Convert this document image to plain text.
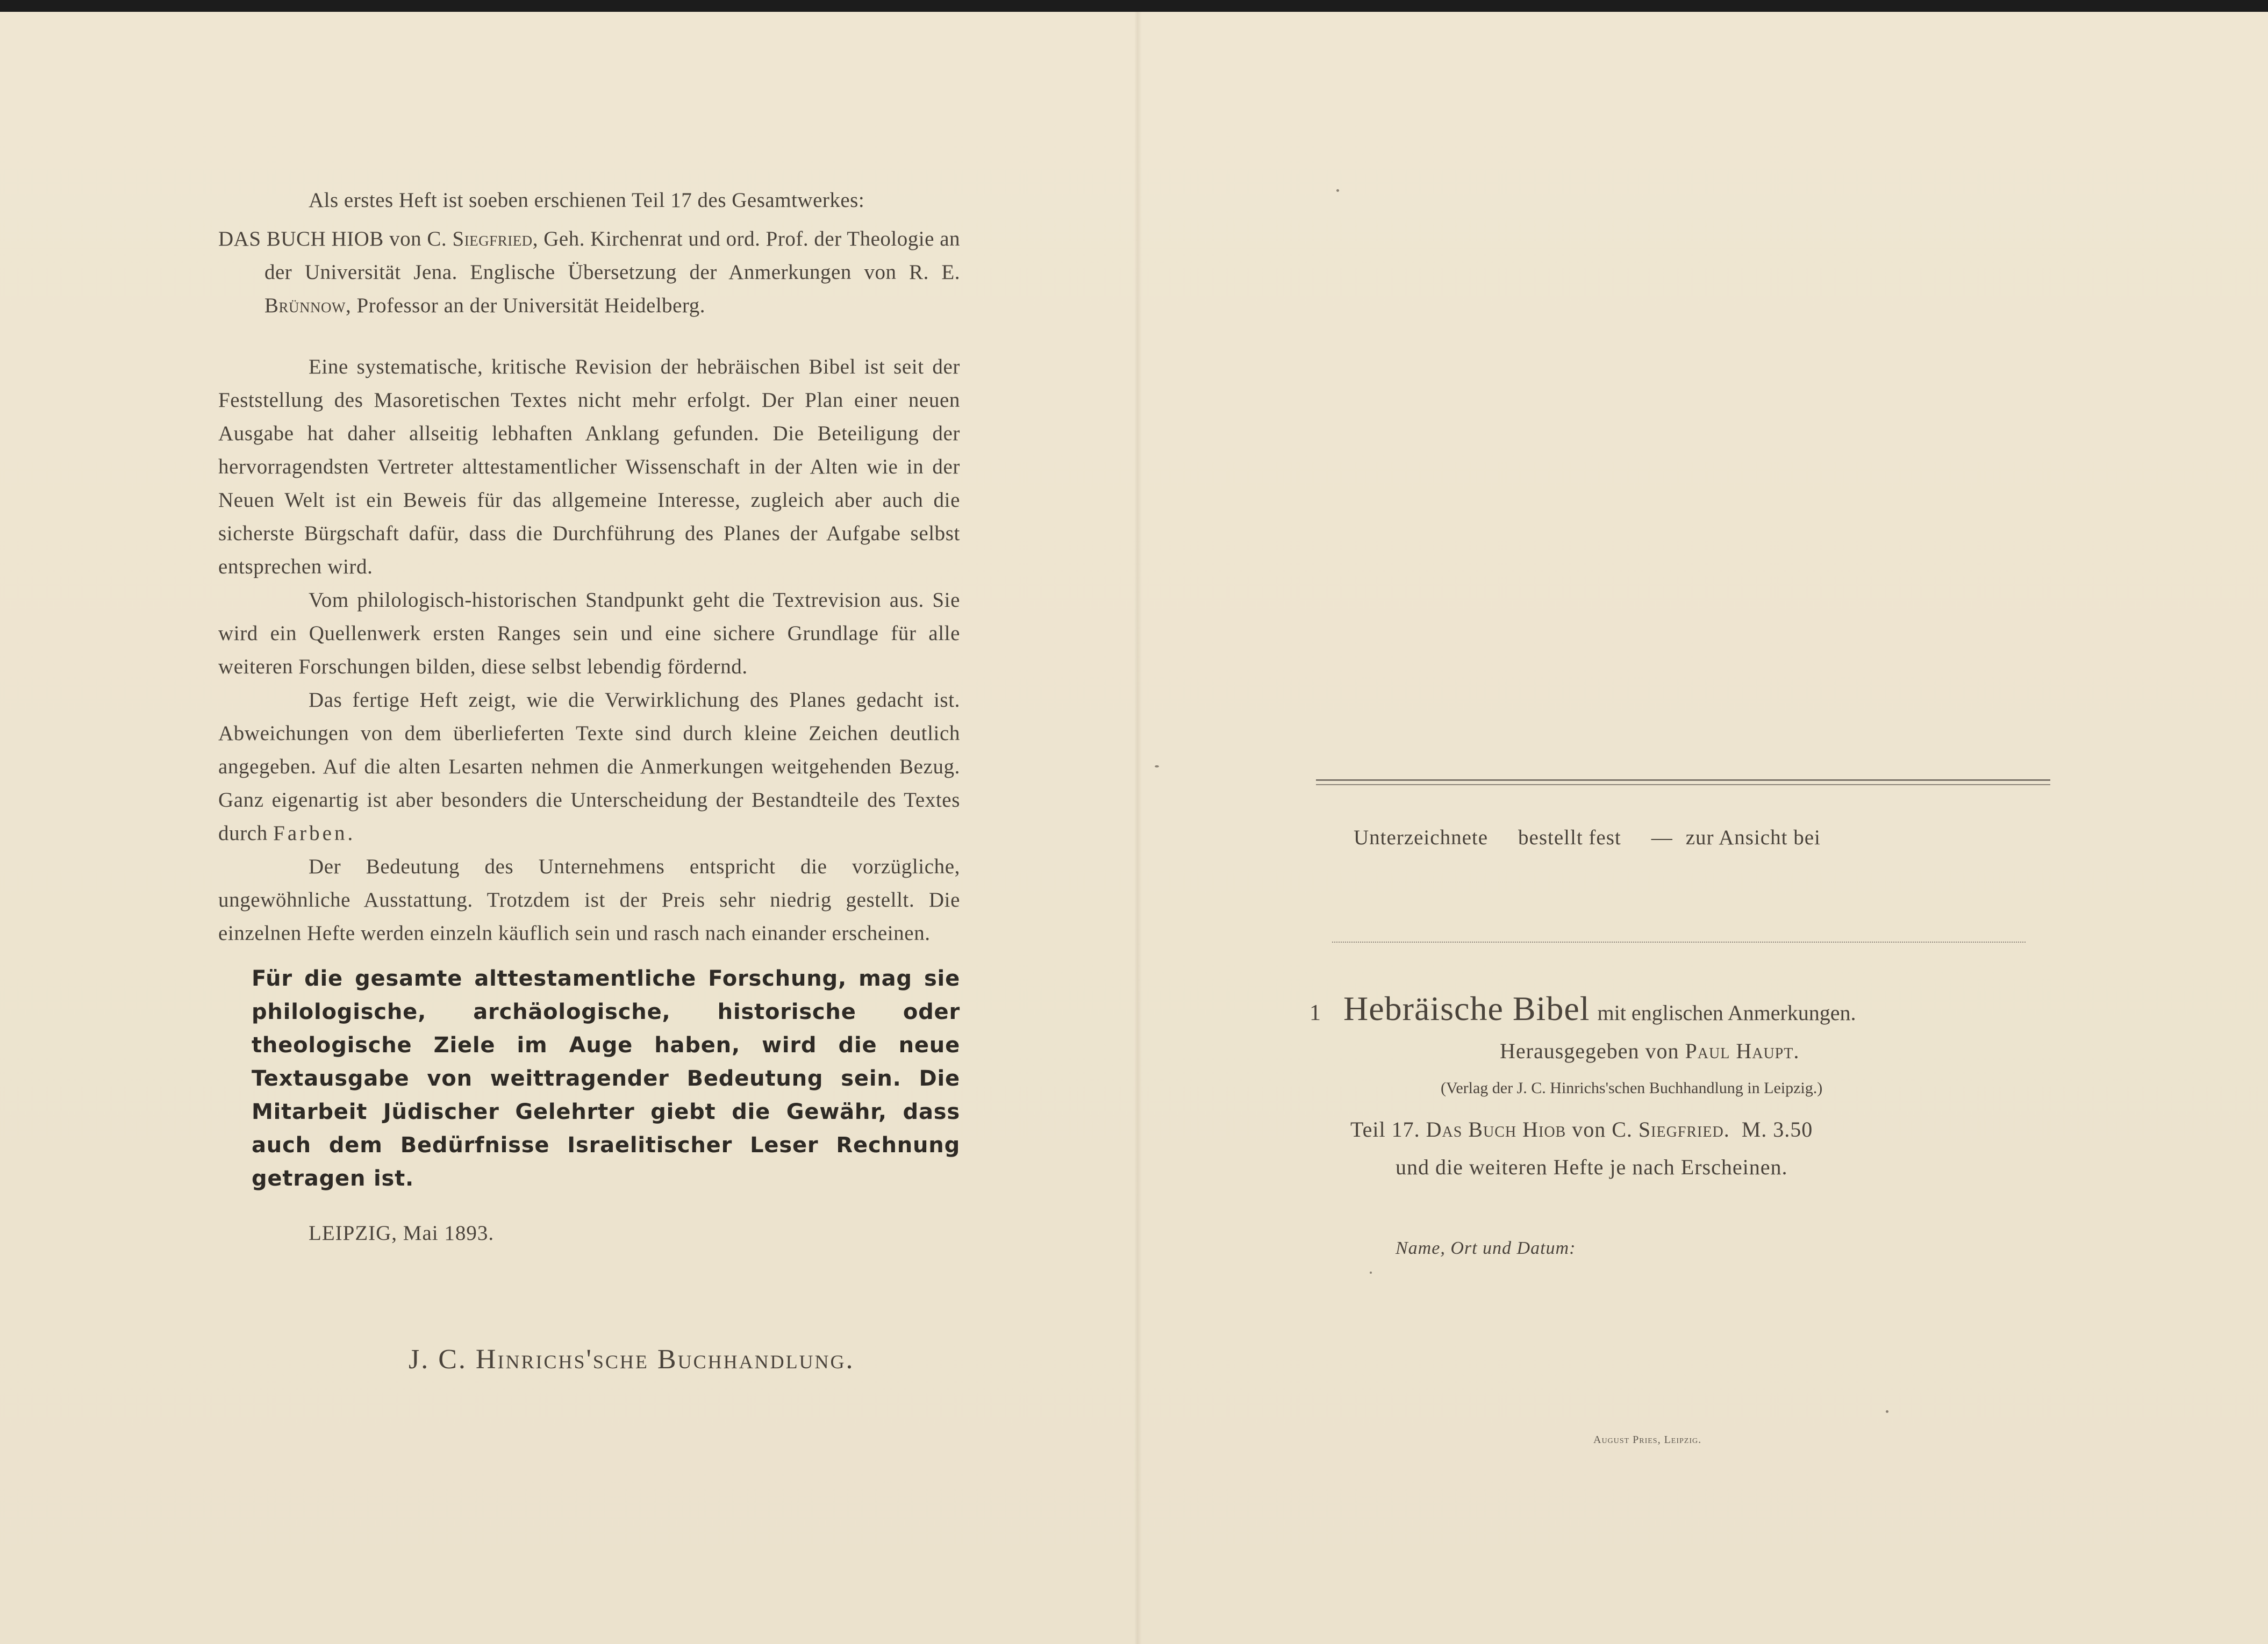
Als erstes Heft ist soeben erschienen Teil 17 des Gesamtwerkes:

DAS BUCH HIOB von C. Siegfried, Geh. Kirchenrat und ord. Prof. der Theologie an der Universität Jena. Englische Übersetzung der Anmerkungen von R. E. Brünnow, Professor an der Universität Heidelberg.

Eine systematische, kritische Revision der hebräischen Bibel ist seit der Feststellung des Masoretischen Textes nicht mehr erfolgt. Der Plan einer neuen Ausgabe hat daher allseitig lebhaften Anklang gefunden. Die Beteiligung der hervorragendsten Vertreter alttestamentlicher Wissenschaft in der Alten wie in der Neuen Welt ist ein Beweis für das allgemeine Interesse, zugleich aber auch die sicherste Bürgschaft dafür, dass die Durchführung des Planes der Aufgabe selbst entsprechen wird.

Vom philologisch-historischen Standpunkt geht die Textrevision aus. Sie wird ein Quellenwerk ersten Ranges sein und eine sichere Grundlage für alle weiteren Forschungen bilden, diese selbst lebendig fördernd.

Das fertige Heft zeigt, wie die Verwirklichung des Planes gedacht ist. Abweichungen von dem überlieferten Texte sind durch kleine Zeichen deutlich angegeben. Auf die alten Lesarten nehmen die Anmerkungen weitgehenden Bezug. Ganz eigenartig ist aber besonders die Unterscheidung der Bestandteile des Textes durch Farben.

Der Bedeutung des Unternehmens entspricht die vorzügliche, ungewöhnliche Ausstattung. Trotzdem ist der Preis sehr niedrig gestellt. Die einzelnen Hefte werden einzeln käuflich sein und rasch nach einander erscheinen.

Für die gesamte alttestamentliche Forschung, mag sie philologische, archäologische, historische oder theologische Ziele im Auge haben, wird die neue Textausgabe von weittragender Bedeutung sein. Die Mitarbeit Jüdischer Gelehrter giebt die Gewähr, dass auch dem Bedürfnisse Israelitischer Leser Rechnung getragen ist.

LEIPZIG, Mai 1893.

J. C. Hinrichs'sche Buchhandlung.
Unterzeichnete bestellt fest — zur Ansicht bei
1 Hebräische Bibel mit englischen Anmerkungen.
Herausgegeben von Paul Haupt.
(Verlag der J. C. Hinrichs'schen Buchhandlung in Leipzig.)
Teil 17. Das Buch Hiob von C. Siegfried. M. 3.50
und die weiteren Hefte je nach Erscheinen.
Name, Ort und Datum:
August Pries, Leipzig.
